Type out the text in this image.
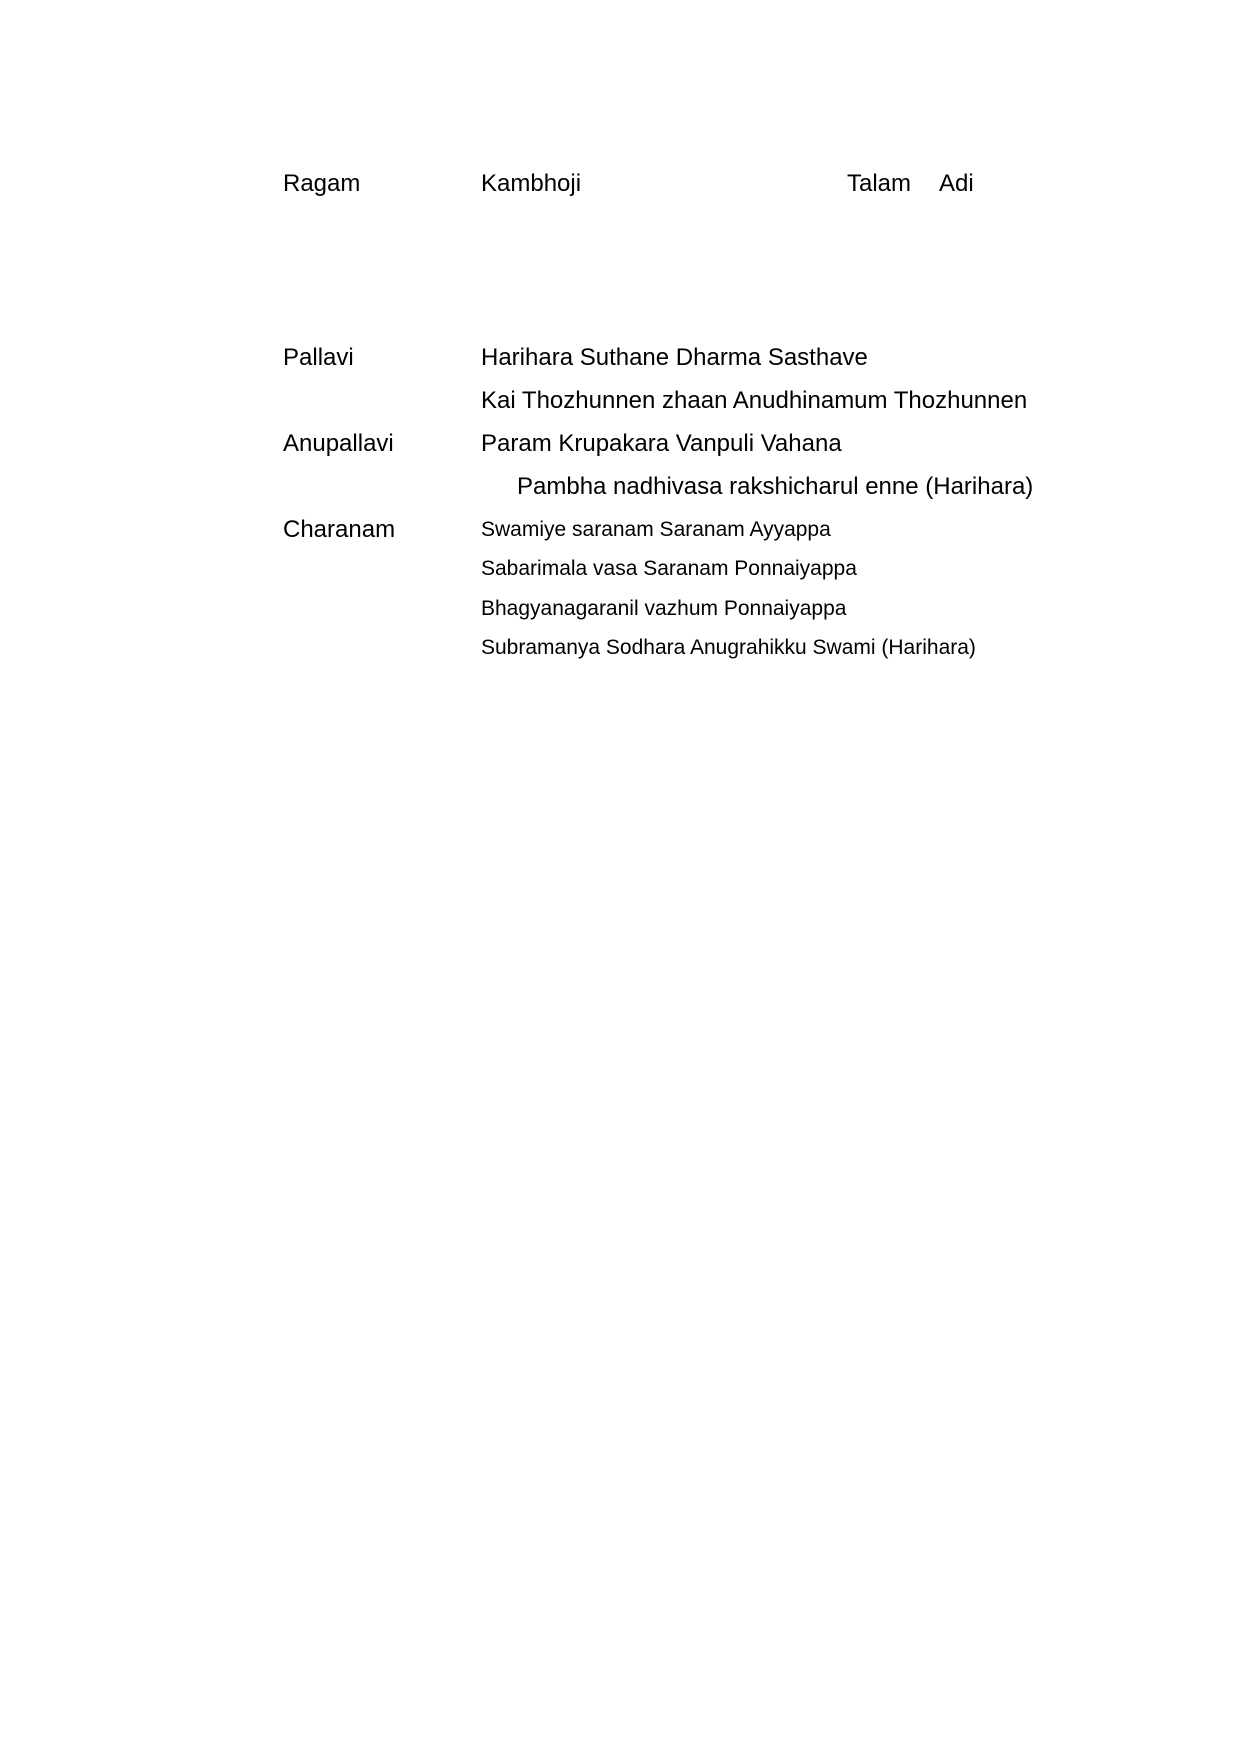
Ragam	Kambhoji	Talam Adi
Pallavi	Harihara Suthane Dharma Sasthave
Kai Thozhunnen zhaan Anudhinamum Thozhunnen
Anupallavi	Param Krupakara Vanpuli Vahana
Pambha nadhivasa rakshicharul enne (Harihara)
Charanam	Swamiye saranam Saranam Ayyappa
Sabarimala vasa Saranam Ponnaiyappa
Bhagyanagaranil vazhum Ponnaiyappa
Subramanya Sodhara Anugrahikku Swami (Harihara)
